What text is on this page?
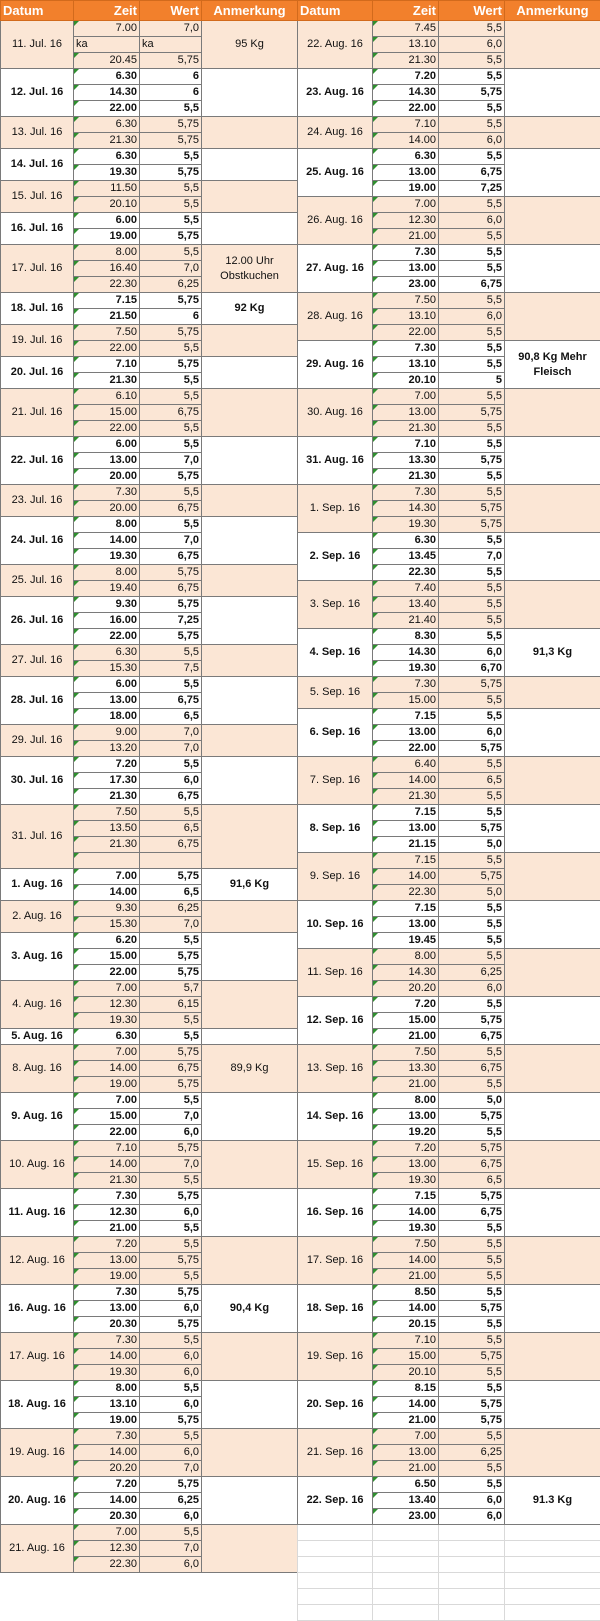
Datum	Zeit	Wert	Anmerkung
11. Jul. 16	7.00	7,0	95 Kg
	ka	ka	
	20.45	5,75	
12. Jul. 16	6.30	6	
	14.30	6	
	22.00	5,5	
13. Jul. 16	6.30	5,75	
	21.30	5,75	
14. Jul. 16	6.30	5,5	
	19.30	5,75	
15. Jul. 16	11.50	5,5	
	20.10	5,5	
16. Jul. 16	6.00	5,5	
	19.00	5,75	
17. Jul. 16	8.00	5,5	12.00 Uhr Obstkuchen
	16.40	7,0	
	22.30	6,25	
18. Jul. 16	7.15	5,75	92 Kg
	21.50	6	
19. Jul. 16	7.50	5,75	
	22.00	5,5	
20. Jul. 16	7.10	5,75	
	21.30	5,5	
21. Jul. 16	6.10	5,5	
	15.00	6,75	
	22.00	5,5	
22. Jul. 16	6.00	5,5	
	13.00	7,0	
	20.00	5,75	
23. Jul. 16	7.30	5,5	
	20.00	6,75	
24. Jul. 16	8.00	5,5	
	14.00	7,0	
	19.30	6,75	
25. Jul. 16	8.00	5,75	
	19.40	6,75	
26. Jul. 16	9.30	5,75	
	16.00	7,25	
	22.00	5,75	
27. Jul. 16	6.30	5,5	
	15.30	7,5	
28. Jul. 16	6.00	5,5	
	13.00	6,75	
	18.00	6,5	
29. Jul. 16	9.00	7,0	
	13.20	7,0	
30. Jul. 16	7.20	5,5	
	17.30	6,0	
	21.30	6,75	
31. Jul. 16	7.50	5,5	
	13.50	6,5	
	21.30	6,75	

1. Aug. 16	7.00	5,75	91,6 Kg
	14.00	6,5	
2. Aug. 16	9.30	6,25	
	15.30	7,0	
3. Aug. 16	6.20	5,5	
	15.00	5,75	
	22.00	5,75	
4. Aug. 16	7.00	5,7	
	12.30	6,15	
	19.30	5,5	
5. Aug. 16	6.30	5,5	
8. Aug. 16	7.00	5,75	89,9 Kg
	14.00	6,75	
	19.00	5,75	
9. Aug. 16	7.00	5,5	
	15.00	7,0	
	22.00	6,0	
10. Aug. 16	7.10	5,75	
	14.00	7,0	
	21.30	5,5	
11. Aug. 16	7.30	5,75	
	12.30	6,0	
	21.00	5,5	
12. Aug. 16	7.20	5,5	
	13.00	5,75	
	19.00	5,5	
16. Aug. 16	7.30	5,75	90,4 Kg
	13.00	6,0	
	20.30	5,75	
17. Aug. 16	7.30	5,5	
	14.00	6,0	
	19.30	6,0	
18. Aug. 16	8.00	5,5	
	13.10	6,0	
	19.00	5,75	
19. Aug. 16	7.30	5,5	
	14.00	6,0	
	20.20	7,0	
20. Aug. 16	7.20	5,75	
	14.00	6,25	
	20.30	6,0	
21. Aug. 16	7.00	5,5	
	12.30	7,0	
	22.30	6,0	
Datum	Zeit	Wert	Anmerkung
22. Aug. 16	7.45	5,5	
	13.10	6,0	
	21.30	5,5	
23. Aug. 16	7.20	5,5	
	14.30	5,75	
	22.00	5,5	
24. Aug. 16	7.10	5,5	
	14.00	6,0	
25. Aug. 16	6.30	5,5	
	13.00	6,75	
	19.00	7,25	
26. Aug. 16	7.00	5,5	
	12.30	6,0	
	21.00	5,5	
27. Aug. 16	7.30	5,5	
	13.00	5,5	
	23.00	6,75	
28. Aug. 16	7.50	5,5	
	13.10	6,0	
	22.00	5,5	
29. Aug. 16	7.30	5,5	90,8 Kg Mehr Fleisch
	13.10	5,5	
	20.10	5	
30. Aug. 16	7.00	5,5	
	13.00	5,75	
	21.30	5,5	
31. Aug. 16	7.10	5,5	
	13.30	5,75	
	21.30	5,5	
1. Sep. 16	7.30	5,5	
	14.30	5,75	
	19.30	5,75	
2. Sep. 16	6.30	5,5	
	13.45	7,0	
	22.30	5,5	
3. Sep. 16	7.40	5,5	
	13.40	5,5	
	21.40	5,5	
4. Sep. 16	8.30	5,5	91,3 Kg
	14.30	6,0	
	19.30	6,70	
5. Sep. 16	7.30	5,75	
	15.00	5,5	
6. Sep. 16	7.15	5,5	
	13.00	6,0	
	22.00	5,75	
7. Sep. 16	6.40	5,5	
	14.00	6,5	
	21.30	5,5	
8. Sep. 16	7.15	5,5	
	13.00	5,75	
	21.15	5,0	
9. Sep. 16	7.15	5,5	
	14.00	5,75	
	22.30	5,0	
10. Sep. 16	7.15	5,5	
	13.00	5,5	
	19.45	5,5	
11. Sep. 16	8.00	5,5	
	14.30	6,25	
	20.20	6,0	
12. Sep. 16	7.20	5,5	
	15.00	5,75	
	21.00	6,75	
13. Sep. 16	7.50	5,5	
	13.30	6,75	
	21.00	5,5	
14. Sep. 16	8.00	5,0	
	13.00	5,75	
	19.20	5,5	
15. Sep. 16	7.20	5,75	
	13.00	6,75	
	19.30	6,5	
16. Sep. 16	7.15	5,75	
	14.00	6,75	
	19.30	5,5	
17. Sep. 16	7.50	5,5	
	14.00	5,5	
	21.00	5,5	
18. Sep. 16	8.50	5,5	
	14.00	5,75	
	20.15	5,5	
19. Sep. 16	7.10	5,5	
	15.00	5,75	
	20.10	5,5	
20. Sep. 16	8.15	5,5	
	14.00	5,75	
	21.00	5,75	
21. Sep. 16	7.00	5,5	
	13.00	6,25	
	21.00	5,5	
22. Sep. 16	6.50	5,5	91.3 Kg
	13.40	6,0	
	23.00	6,0	
